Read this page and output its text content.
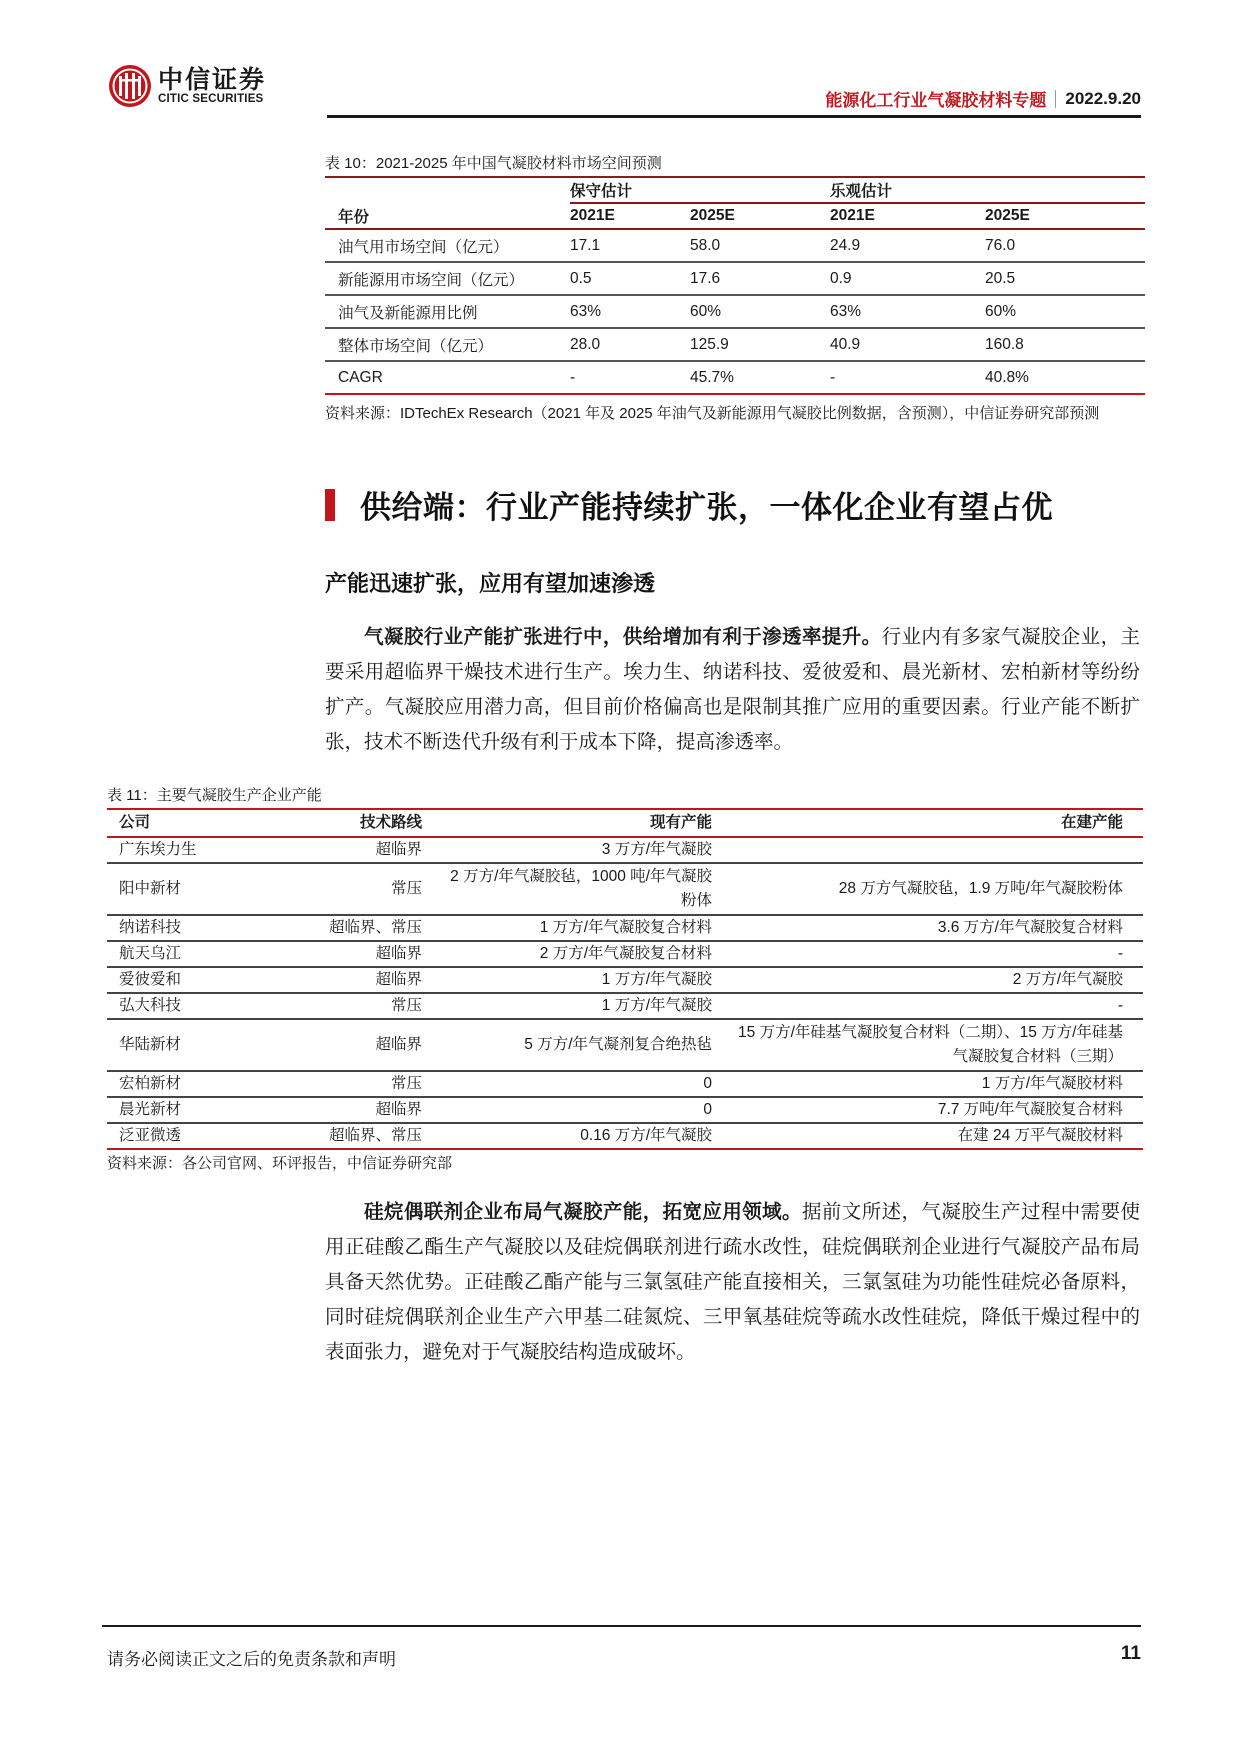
中信证券
CITIC SECURITIES	能源化工行业气凝胶材料专题 2022.9.20
表 10：2021-2025 年中国气凝胶材料市场空间预测
	保守估计		乐观估计	
年份	2021E	2025E	2021E	2025E
油气用市场空间（亿元）	17.1	58.0	24.9	76.0
新能源用市场空间（亿元）	0.5	17.6	0.9	20.5
油气及新能源用比例	63%	60%	63%	60%
整体市场空间（亿元）	28.0	125.9	40.9	160.8
CAGR	-	45.7%	-	40.8%
资料来源：IDTechEx Research（2021 年及 2025 年油气及新能源用气凝胶比例数据，含预测），中信证券研究部预测
供给端：行业产能持续扩张，一体化企业有望占优
产能迅速扩张，应用有望加速渗透
气凝胶行业产能扩张进行中，供给增加有利于渗透率提升。行业内有多家气凝胶企业，主要采用超临界干燥技术进行生产。埃力生、纳诺科技、爱彼爱和、晨光新材、宏柏新材等纷纷扩产。气凝胶应用潜力高，但目前价格偏高也是限制其推广应用的重要因素。行业产能不断扩张，技术不断迭代升级有利于成本下降，提高渗透率。
表 11：主要气凝胶生产企业产能
公司	技术路线	现有产能	在建产能
广东埃力生	超临界	3 万方/年气凝胶	
阳中新材	常压	2 万方/年气凝胶毡，1000 吨/年气凝胶粉体	28 万方气凝胶毡，1.9 万吨/年气凝胶粉体
纳诺科技	超临界、常压	1 万方/年气凝胶复合材料	3.6 万方/年气凝胶复合材料
航天乌江	超临界	2 万方/年气凝胶复合材料	-
爱彼爱和	超临界	1 万方/年气凝胶	2 万方/年气凝胶
弘大科技	常压	1 万方/年气凝胶	-
华陆新材	超临界	5 万方/年气凝剂复合绝热毡	15 万方/年硅基气凝胶复合材料（二期）、15 万方/年硅基气凝胶复合材料（三期）
宏柏新材	常压	0	1 万方/年气凝胶材料
晨光新材	超临界	0	7.7 万吨/年气凝胶复合材料
泛亚微透	超临界、常压	0.16 万方/年气凝胶	在建 24 万平气凝胶材料
资料来源：各公司官网、环评报告，中信证券研究部
硅烷偶联剂企业布局气凝胶产能，拓宽应用领域。据前文所述，气凝胶生产过程中需要使用正硅酸乙酯生产气凝胶以及硅烷偶联剂进行疏水改性，硅烷偶联剂企业进行气凝胶产品布局具备天然优势。正硅酸乙酯产能与三氯氢硅产能直接相关，三氯氢硅为功能性硅烷必备原料，同时硅烷偶联剂企业生产六甲基二硅氮烷、三甲氧基硅烷等疏水改性硅烷，降低干燥过程中的表面张力，避免对于气凝胶结构造成破坏。
请务必阅读正文之后的免责条款和声明	11
